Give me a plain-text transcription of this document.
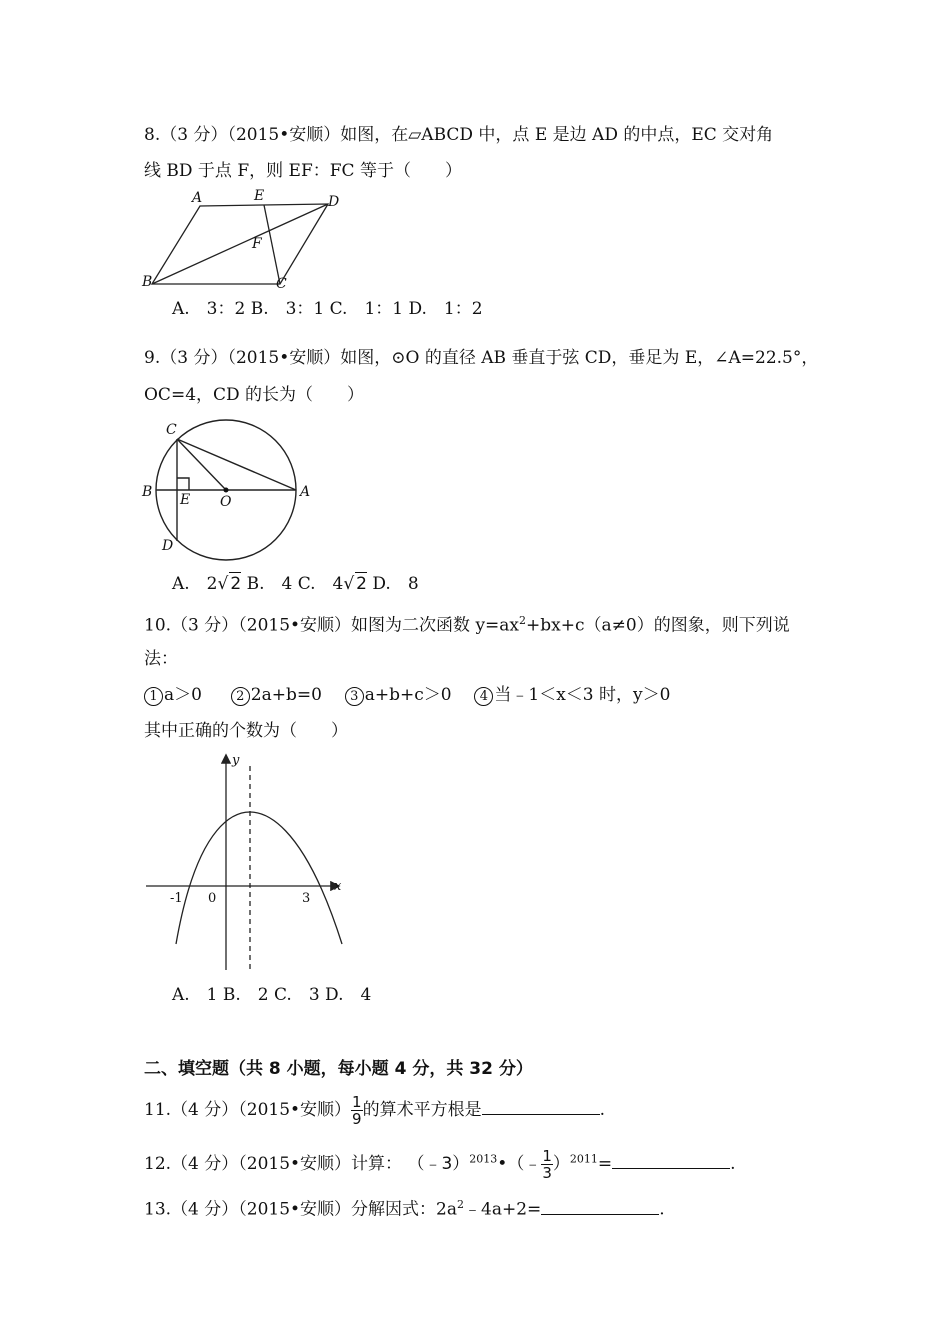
8.（3 分）（2015•安顺）如图，在▱ABCD 中，点 E 是边 AD 的中点，EC 交对角
线 BD 于点 F，则 EF：FC 等于（　　）
A	E	D
F
B	C
A.　3：2 B.　3：1 C.　1：1 D.　1：2
9.（3 分）（2015•安顺）如图，⊙O 的直径 AB 垂直于弦 CD，垂足为 E，∠A=22.5°，
OC=4，CD 的长为（　　）
C
B E O
A
D
A.　2√ 2 B.　4 C.　4√ 2 D.　8
10.（3 分）（2015•安顺）如图为二次函数 $y=ax^2+bx+c(a\ne 0)$的图象，则下列说
法：
1 a＞0	2 2a+b=0 3 a+b+c＞0 4 当﹣1＜x＜3 时，y＞0
其中正确的个数为（　　）
y
x
-1 0	3
A.　1 B.　2 C.　3 D.　4
二、填空题（共 8 小题，每小题 4 分，共 32 分）
11.（4 分）（2015•安顺） $\frac{1}{9}$ 的算术平方根是	.
12.（4 分）（2015•安顺）计算： （﹣3）$^{2013}$•（﹣ $\frac{1}{3} )^{2011}=$	.
13.（4 分）（2015•安顺）分解因式：$2a^2﹣4a+2=$	.
